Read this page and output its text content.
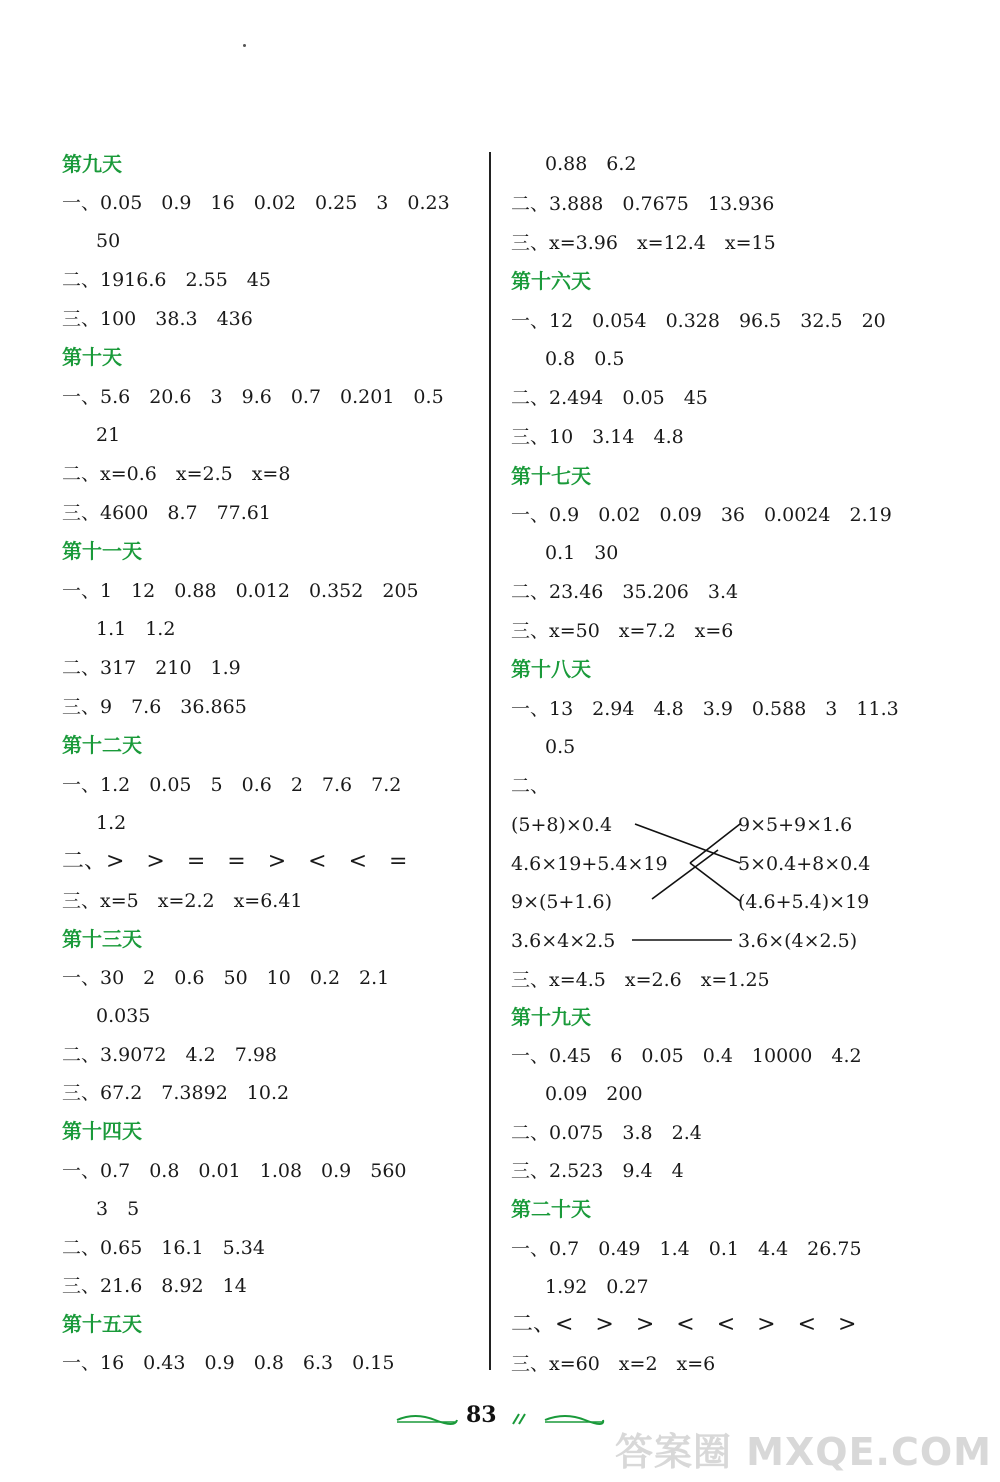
第九天
一、0.05　0.9　16　0.02　0.25　3　0.23
50
二、1916.6　2.55　45
三、100　38.3　436
第十天
一、5.6　20.6　3　9.6　0.7　0.201　0.5
21
二、x=0.6　x=2.5　x=8
三、4600　8.7　77.61
第十一天
一、1　12　0.88　0.012　0.352　205
1.1　1.2
二、317　210　1.9
三、9　7.6　36.865
第十二天
一、1.2　0.05　5　0.6　2　7.6　7.2
1.2
二、>　>　=　=　>　<　<　=
三、x=5　x=2.2　x=6.41
第十三天
一、30　2　0.6　50　10　0.2　2.1
0.035
二、3.9072　4.2　7.98
三、67.2　7.3892　10.2
第十四天
一、0.7　0.8　0.01　1.08　0.9　560
3　5
二、0.65　16.1　5.34
三、21.6　8.92　14
第十五天
一、16　0.43　0.9　0.8　6.3　0.15
0.88　6.2
二、3.888　0.7675　13.936
三、x=3.96　x=12.4　x=15
第十六天
一、12　0.054　0.328　96.5　32.5　20
0.8　0.5
二、2.494　0.05　45
三、10　3.14　4.8
第十七天
一、0.9　0.02　0.09　36　0.0024　2.19
0.1　30
二、23.46　35.206　3.4
三、x=50　x=7.2　x=6
第十八天
一、13　2.94　4.8　3.9　0.588　3　11.3
0.5
二、
(5+8)×0.4
4.6×19+5.4×19
9×(5+1.6)
3.6×4×2.5
9×5+9×1.6
5×0.4+8×0.4
(4.6+5.4)×19
3.6×(4×2.5)
三、x=4.5　x=2.6　x=1.25
第十九天
一、0.45　6　0.05　0.4　10000　4.2
0.09　200
二、0.075　3.8　2.4
三、2.523　9.4　4
第二十天
一、0.7　0.49　1.4　0.1　4.4　26.75
1.92　0.27
二、<　>　>　<　<　>　<　>
三、x=60　x=2　x=6
83
答案圈 MXQE.COM
